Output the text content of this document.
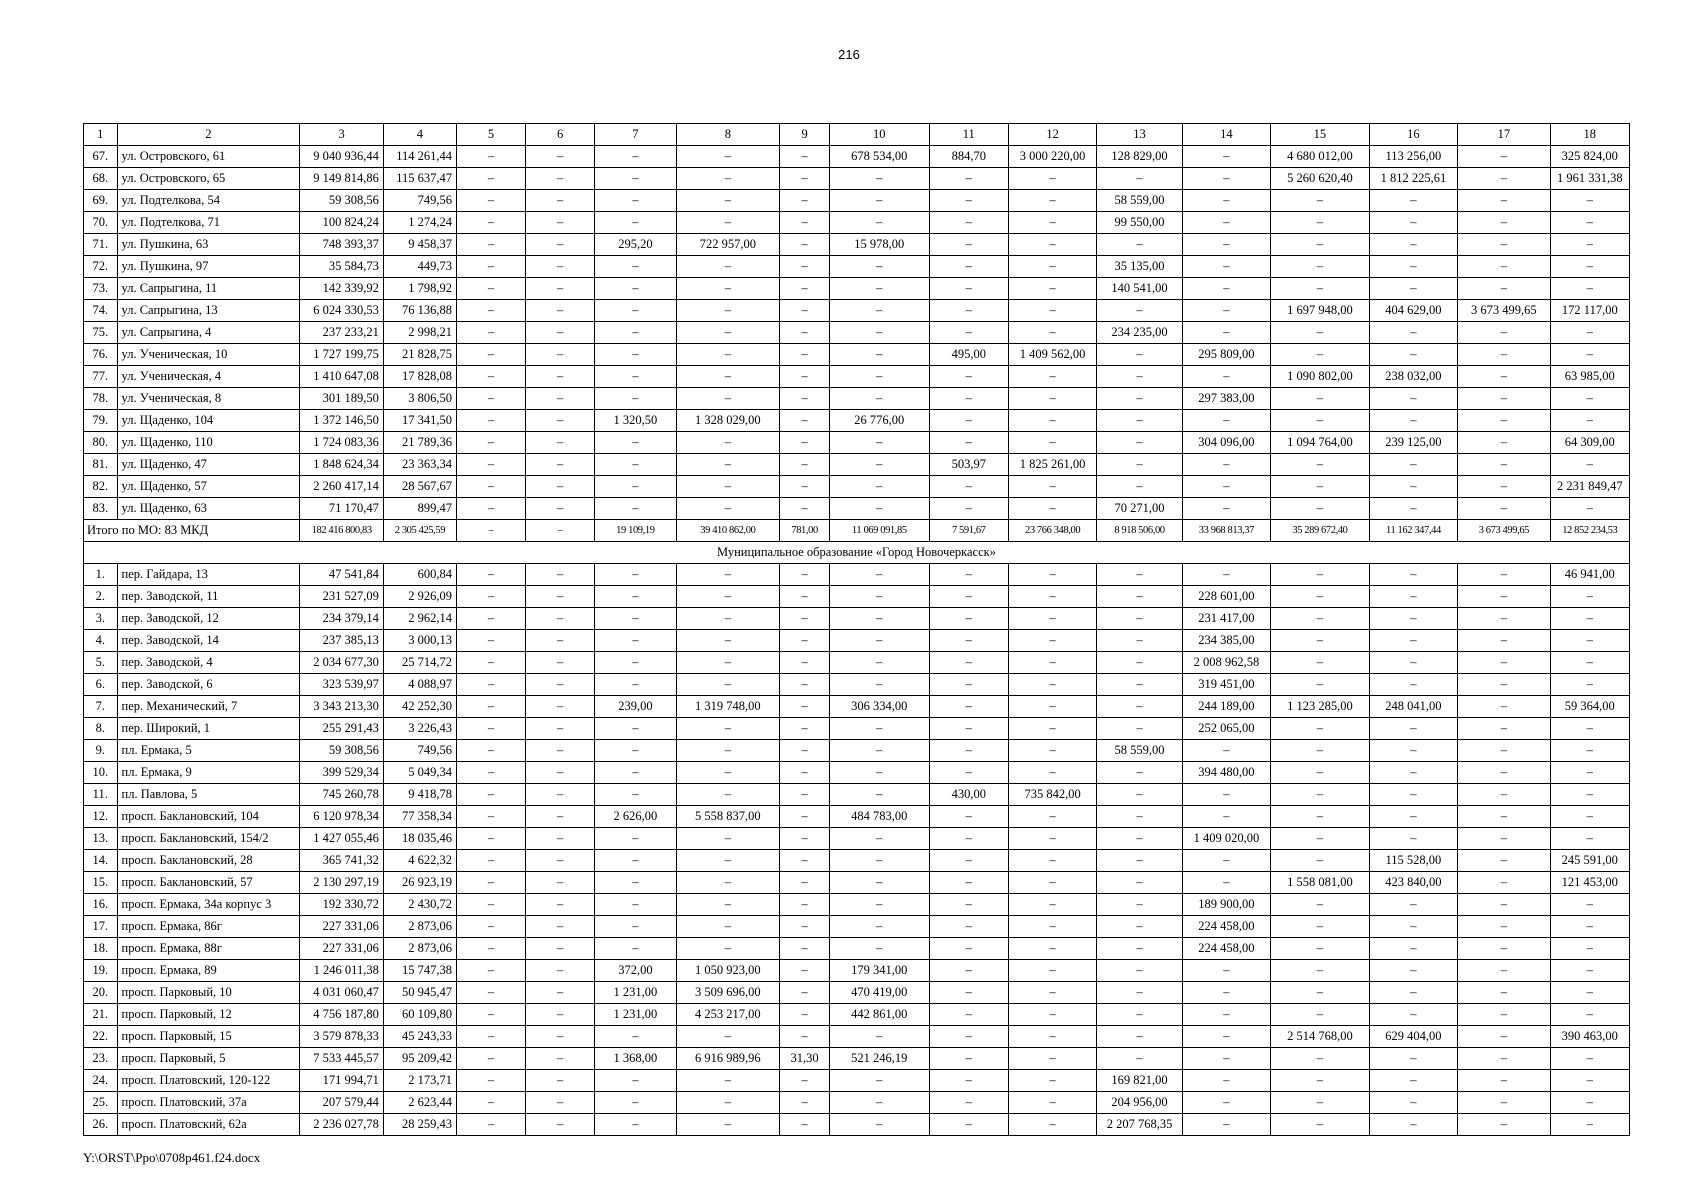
216
1	2	3	4	5	6	7	8	9	10	11	12	13	14	15	16	17	18
67.	ул. Островского, 61	9 040 936,44	114 261,44	–	–	–	–	–	678 534,00	884,70	3 000 220,00	128 829,00	–	4 680 012,00	113 256,00	–	325 824,00
68.	ул. Островского, 65	9 149 814,86	115 637,47	–	–	–	–	–	–	–	–	–	–	5 260 620,40	1 812 225,61	–	1 961 331,38
69.	ул. Подтелкова, 54	59 308,56	749,56	–	–	–	–	–	–	–	–	58 559,00	–	–	–	–	–
70.	ул. Подтелкова, 71	100 824,24	1 274,24	–	–	–	–	–	–	–	–	99 550,00	–	–	–	–	–
71.	ул. Пушкина, 63	748 393,37	9 458,37	–	–	295,20	722 957,00	–	15 978,00	–	–	–	–	–	–	–	–
72.	ул. Пушкина, 97	35 584,73	449,73	–	–	–	–	–	–	–	–	35 135,00	–	–	–	–	–
73.	ул. Сапрыгина, 11	142 339,92	1 798,92	–	–	–	–	–	–	–	–	140 541,00	–	–	–	–	–
74.	ул. Сапрыгина, 13	6 024 330,53	76 136,88	–	–	–	–	–	–	–	–	–	–	1 697 948,00	404 629,00	3 673 499,65	172 117,00
75.	ул. Сапрыгина, 4	237 233,21	2 998,21	–	–	–	–	–	–	–	–	234 235,00	–	–	–	–	–
76.	ул. Ученическая, 10	1 727 199,75	21 828,75	–	–	–	–	–	–	495,00	1 409 562,00	–	295 809,00	–	–	–	–
77.	ул. Ученическая, 4	1 410 647,08	17 828,08	–	–	–	–	–	–	–	–	–	–	1 090 802,00	238 032,00	–	63 985,00
78.	ул. Ученическая, 8	301 189,50	3 806,50	–	–	–	–	–	–	–	–	–	297 383,00	–	–	–	–
79.	ул. Щаденко, 104	1 372 146,50	17 341,50	–	–	1 320,50	1 328 029,00	–	26 776,00	–	–	–	–	–	–	–	–
80.	ул. Щаденко, 110	1 724 083,36	21 789,36	–	–	–	–	–	–	–	–	–	304 096,00	1 094 764,00	239 125,00	–	64 309,00
81.	ул. Щаденко, 47	1 848 624,34	23 363,34	–	–	–	–	–	–	503,97	1 825 261,00	–	–	–	–	–	–
82.	ул. Щаденко, 57	2 260 417,14	28 567,67	–	–	–	–	–	–	–	–	–	–	–	–	–	2 231 849,47
83.	ул. Щаденко, 63	71 170,47	899,47	–	–	–	–	–	–	–	–	70 271,00	–	–	–	–	–
Итого по МО: 83 МКД		182 416 800,83	2 305 425,59	–	–	19 109,19	39 410 862,00	781,00	11 069 091,85	7 591,67	23 766 348,00	8 918 506,00	33 968 813,37	35 289 672,40	11 162 347,44	3 673 499,65	12 852 234,53
Муниципальное образование «Город Новочеркасск»																	
1.	пер. Гайдара, 13	47 541,84	600,84	–	–	–	–	–	–	–	–	–	–	–	–	–	46 941,00
2.	пер. Заводской, 11	231 527,09	2 926,09	–	–	–	–	–	–	–	–	–	228 601,00	–	–	–	–
3.	пер. Заводской, 12	234 379,14	2 962,14	–	–	–	–	–	–	–	–	–	231 417,00	–	–	–	–
4.	пер. Заводской, 14	237 385,13	3 000,13	–	–	–	–	–	–	–	–	–	234 385,00	–	–	–	–
5.	пер. Заводской, 4	2 034 677,30	25 714,72	–	–	–	–	–	–	–	–	–	2 008 962,58	–	–	–	–
6.	пер. Заводской, 6	323 539,97	4 088,97	–	–	–	–	–	–	–	–	–	319 451,00	–	–	–	–
7.	пер. Механический, 7	3 343 213,30	42 252,30	–	–	239,00	1 319 748,00	–	306 334,00	–	–	–	244 189,00	1 123 285,00	248 041,00	–	59 364,00
8.	пер. Широкий, 1	255 291,43	3 226,43	–	–	–	–	–	–	–	–	–	252 065,00	–	–	–	–
9.	пл. Ермака, 5	59 308,56	749,56	–	–	–	–	–	–	–	–	58 559,00	–	–	–	–	–
10.	пл. Ермака, 9	399 529,34	5 049,34	–	–	–	–	–	–	–	–	–	394 480,00	–	–	–	–
11.	пл. Павлова, 5	745 260,78	9 418,78	–	–	–	–	–	–	430,00	735 842,00	–	–	–	–	–	–
12.	просп. Баклановский, 104	6 120 978,34	77 358,34	–	–	2 626,00	5 558 837,00	–	484 783,00	–	–	–	–	–	–	–	–
13.	просп. Баклановский, 154/2	1 427 055,46	18 035,46	–	–	–	–	–	–	–	–	–	1 409 020,00	–	–	–	–
14.	просп. Баклановский, 28	365 741,32	4 622,32	–	–	–	–	–	–	–	–	–	–	–	115 528,00	–	245 591,00
15.	просп. Баклановский, 57	2 130 297,19	26 923,19	–	–	–	–	–	–	–	–	–	–	1 558 081,00	423 840,00	–	121 453,00
16.	просп. Ермака, 34а корпус 3	192 330,72	2 430,72	–	–	–	–	–	–	–	–	–	189 900,00	–	–	–	–
17.	просп. Ермака, 86г	227 331,06	2 873,06	–	–	–	–	–	–	–	–	–	224 458,00	–	–	–	–
18.	просп. Ермака, 88г	227 331,06	2 873,06	–	–	–	–	–	–	–	–	–	224 458,00	–	–	–	–
19.	просп. Ермака, 89	1 246 011,38	15 747,38	–	–	372,00	1 050 923,00	–	179 341,00	–	–	–	–	–	–	–	–
20.	просп. Парковый, 10	4 031 060,47	50 945,47	–	–	1 231,00	3 509 696,00	–	470 419,00	–	–	–	–	–	–	–	–
21.	просп. Парковый, 12	4 756 187,80	60 109,80	–	–	1 231,00	4 253 217,00	–	442 861,00	–	–	–	–	–	–	–	–
22.	просп. Парковый, 15	3 579 878,33	45 243,33	–	–	–	–	–	–	–	–	–	–	2 514 768,00	629 404,00	–	390 463,00
23.	просп. Парковый, 5	7 533 445,57	95 209,42	–	–	1 368,00	6 916 989,96	31,30	521 246,19	–	–	–	–	–	–	–	–
24.	просп. Платовский, 120-122	171 994,71	2 173,71	–	–	–	–	–	–	–	–	169 821,00	–	–	–	–	–
25.	просп. Платовский, 37а	207 579,44	2 623,44	–	–	–	–	–	–	–	–	204 956,00	–	–	–	–	–
26.	просп. Платовский, 62а	2 236 027,78	28 259,43	–	–	–	–	–	–	–	–	2 207 768,35	–	–	–	–	–
Y:\ORST\Ppo\0708p461.f24.docx
